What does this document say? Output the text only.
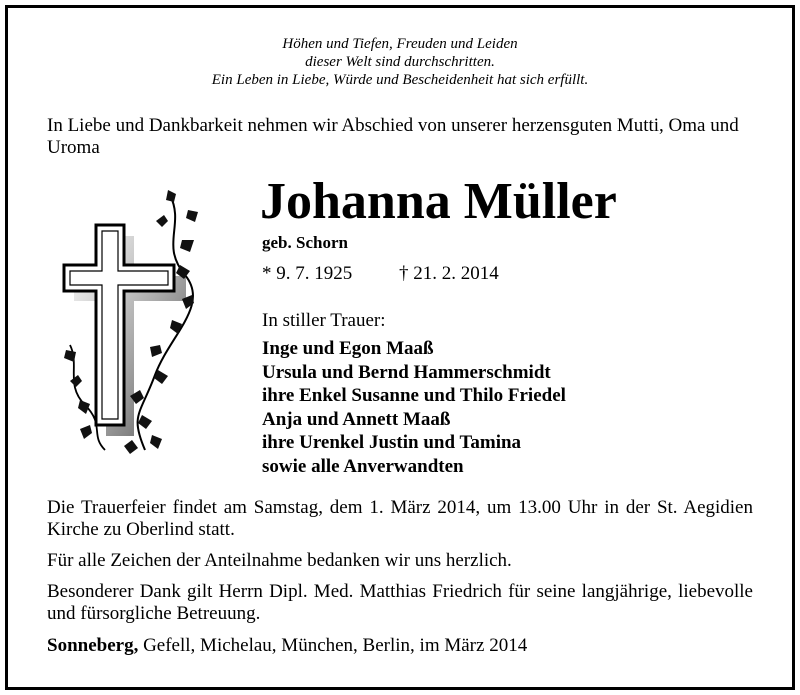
Höhen und Tiefen, Freuden und Leiden
dieser Welt sind durchschritten.
Ein Leben in Liebe, Würde und Bescheidenheit hat sich erfüllt.
In Liebe und Dankbarkeit nehmen wir Abschied von unserer herzensguten Mutti, Oma und Uroma
Johanna Müller
geb. Schorn
* 9. 7. 1925 † 21. 2. 2014
In stiller Trauer:
Inge und Egon Maaß
Ursula und Bernd Hammerschmidt
ihre Enkel Susanne und Thilo Friedel
Anja und Annett Maaß
ihre Urenkel Justin und Tamina
sowie alle Anverwandten
Die Trauerfeier findet am Samstag, dem 1. März 2014, um 13.00 Uhr in der St. Aegidien Kirche zu Oberlind statt.
Für alle Zeichen der Anteilnahme bedanken wir uns herzlich.
Besonderer Dank gilt Herrn Dipl. Med. Matthias Friedrich für seine langjährige, liebevolle und fürsorgliche Betreuung.
Sonneberg, Gefell, Michelau, München, Berlin, im März 2014
